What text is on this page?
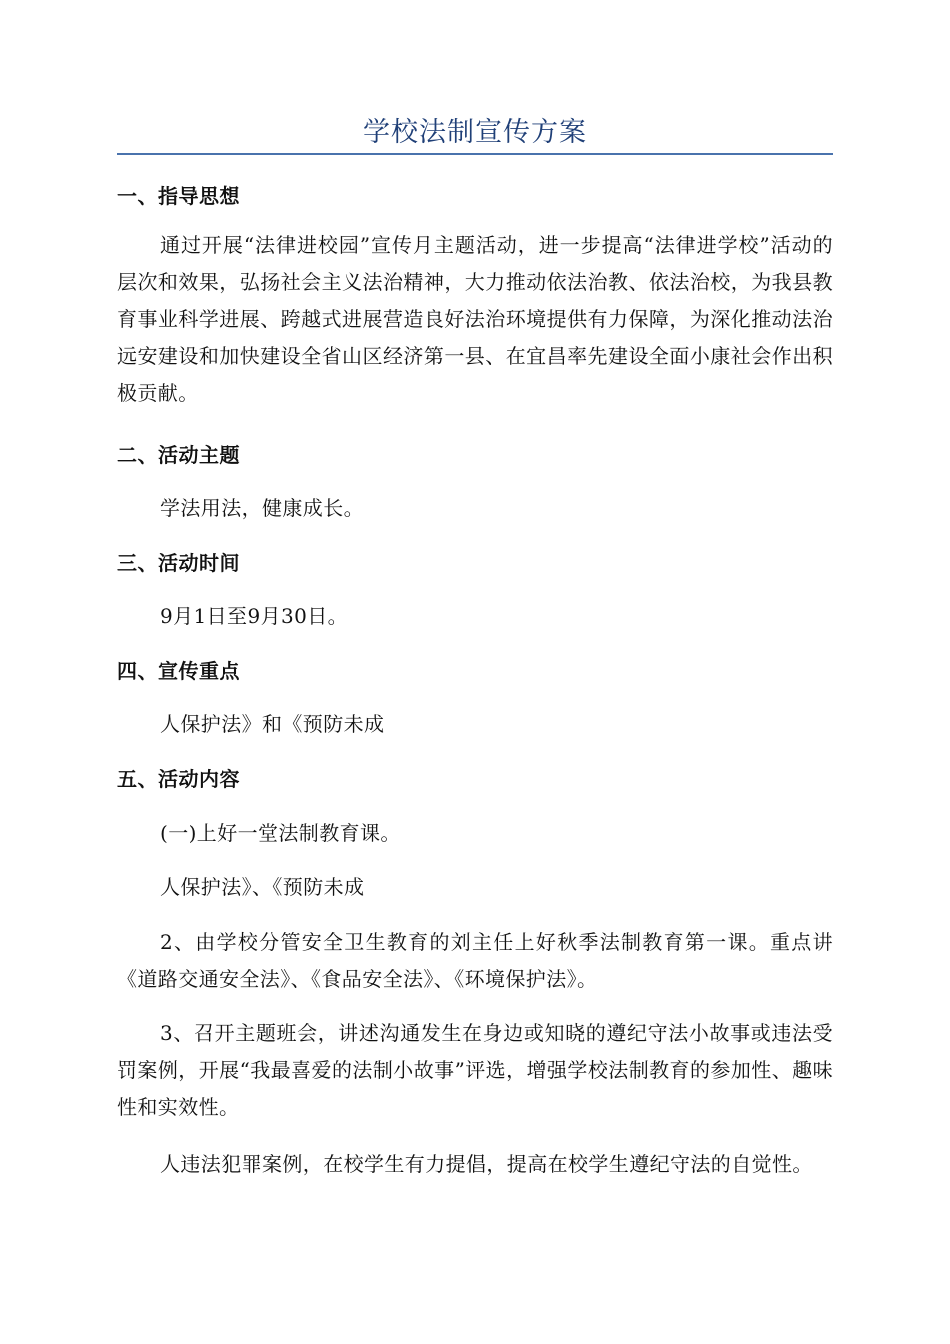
学校法制宣传方案
一、指导思想
通过开展“法律进校园”宣传月主题活动，进一步提高“法律进学校”活动的层次和效果，弘扬社会主义法治精神，大力推动依法治教、依法治校，为我县教育事业科学进展、跨越式进展营造良好法治环境提供有力保障，为深化推动法治远安建设和加快建设全省山区经济第一县、在宜昌率先建设全面小康社会作出积极贡献。
二、活动主题
学法用法，健康成长。
三、活动时间
9月1日至9月30日。
四、宣传重点
人保护法》和《预防未成
五、活动内容
(一)上好一堂法制教育课。
人保护法》、《预防未成
2、由学校分管安全卫生教育的刘主任上好秋季法制教育第一课。重点讲《道路交通安全法》、《食品安全法》、《环境保护法》。
3、召开主题班会，讲述沟通发生在身边或知晓的遵纪守法小故事或违法受罚案例，开展“我最喜爱的法制小故事”评选，增强学校法制教育的参加性、趣味性和实效性。
人违法犯罪案例，在校学生有力提倡，提高在校学生遵纪守法的自觉性。
